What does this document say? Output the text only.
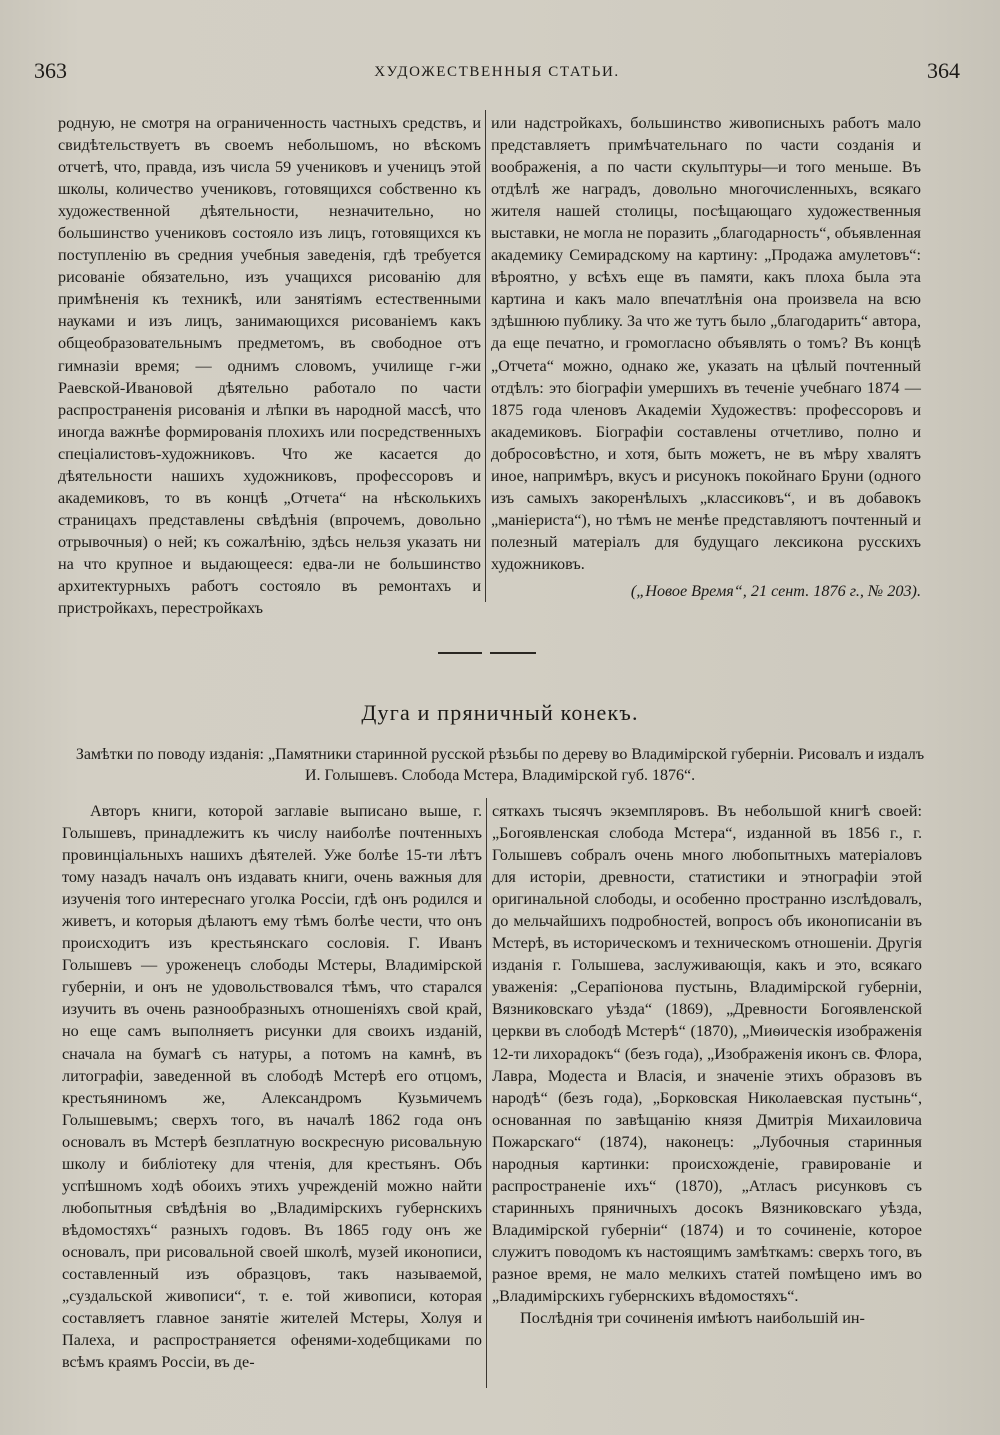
363	ХУДОЖЕСТВЕННЫЯ СТАТЬИ.	364

родную, не смотря на ограниченность частныхъ средствъ, и свидѣтельствуетъ въ своемъ небольшомъ, но вѣскомъ отчетѣ, что, правда, изъ числа 59 учениковъ и ученицъ этой школы, количество учениковъ, готовящихся собственно къ художественной дѣятельности, незначительно, но большинство учениковъ состояло изъ лицъ, готовящихся къ поступленію въ средния учебныя заведенія, гдѣ требуется рисованіе обязательно, изъ учащихся рисованію для примѣненія къ техникѣ, или занятіямъ естественными науками и изъ лицъ, занимающихся рисованіемъ какъ общеобразовательнымъ предметомъ, въ свободное отъ гимназіи время; — однимъ словомъ, училище г-жи Раевской-Ивановой дѣятельно работало по части распространенія рисованія и лѣпки въ народной массѣ, что иногда важнѣе формированія плохихъ или посредственныхъ спеціалистовъ-художниковъ. Что же касается до дѣятельности нашихъ художниковъ, профессоровъ и академиковъ, то въ концѣ „Отчета“ на нѣсколькихъ страницахъ представлены свѣдѣнія (впрочемъ, довольно отрывочныя) о ней; къ сожалѣнію, здѣсь нельзя указать ни на что крупное и выдающееся: едва-ли не большинство архитектурныхъ работъ состояло въ ремонтахъ и пристройкахъ, перестройкахъ

или надстройкахъ, большинство живописныхъ работъ мало представляетъ примѣчательнаго по части созданія и воображенія, а по части скульптуры—и того меньше. Въ отдѣлѣ же наградъ, довольно многочисленныхъ, всякаго жителя нашей столицы, посѣщающаго художественныя выставки, не могла не поразить „благодарность“, объявленная академику Семирадскому на картину: „Продажа амулетовъ“: вѣроятно, у всѣхъ еще въ памяти, какъ плоха была эта картина и какъ мало впечатлѣнія она произвела на всю здѣшнюю публику. За что же тутъ было „благодарить“ автора, да еще печатно, и громогласно объявлять о томъ? Въ концѣ „Отчета“ можно, однако же, указать на цѣлый почтенный отдѣлъ: это біографіи умершихъ въ теченіе учебнаго 1874 — 1875 года членовъ Академіи Художествъ: профессоровъ и академиковъ. Біографіи составлены отчетливо, полно и добросовѣстно, и хотя, быть можетъ, не въ мѣру хвалятъ иное, напримѣръ, вкусъ и рисунокъ покойнаго Бруни (одного изъ самыхъ закоренѣлыхъ „классиковъ“, и въ добавокъ „маніериста“), но тѣмъ не менѣе представляютъ почтенный и полезный матеріалъ для будущаго лексикона русскихъ художниковъ.

(„Новое Время“, 21 сент. 1876 г., № 203).
Дуга и пряничный конекъ.
Замѣтки по поводу изданія: „Памятники старинной русской рѣзьбы по дереву во Владимірской губерніи. Рисовалъ и издалъ И. Голышевъ. Слобода Мстера, Владимірской губ. 1876“.

Авторъ книги, которой заглавіе выписано выше, г. Голышевъ, принадлежитъ къ числу наиболѣе почтенныхъ провинціальныхъ нашихъ дѣятелей. Уже болѣе 15-ти лѣтъ тому назадъ началъ онъ издавать книги, очень важныя для изученія того интереснаго уголка Россіи, гдѣ онъ родился и живетъ, и которыя дѣлаютъ ему тѣмъ болѣе чести, что онъ происходитъ изъ крестьянскаго сословія. Г. Иванъ Голышевъ — уроженецъ слободы Мстеры, Владимірской губерніи, и онъ не удовольствовался тѣмъ, что старался изучить въ очень разнообразныхъ отношеніяхъ свой край, но еще самъ выполняетъ рисунки для своихъ изданій, сначала на бумагѣ съ натуры, а потомъ на камнѣ, въ литографіи, заведенной въ слободѣ Мстерѣ его отцомъ, крестьяниномъ же, Александромъ Кузьмичемъ Голышевымъ; сверхъ того, въ началѣ 1862 года онъ основалъ въ Мстерѣ безплатную воскресную рисовальную школу и библіотеку для чтенія, для крестьянъ. Объ успѣшномъ ходѣ обоихъ этихъ учрежденій можно найти любопытныя свѣдѣнія во „Владимірскихъ губернскихъ вѣдомостяхъ“ разныхъ годовъ. Въ 1865 году онъ же основалъ, при рисовальной своей школѣ, музей иконописи, составленный изъ образцовъ, такъ называемой, „суздальской живописи“, т. е. той живописи, которая составляетъ главное занятіе жителей Мстеры, Холуя и Палеха, и распространяется офенями-ходебщиками по всѣмъ краямъ Россіи, въ де-

сяткахъ тысячъ экземпляровъ. Въ небольшой книгѣ своей: „Богоявленская слобода Мстера“, изданной въ 1856 г., г. Голышевъ собралъ очень много любопытныхъ матеріаловъ для исторіи, древности, статистики и этнографіи этой оригинальной слободы, и особенно пространно изслѣдовалъ, до мельчайшихъ подробностей, вопросъ объ иконописаніи въ Мстерѣ, въ историческомъ и техническомъ отношеніи. Другія изданія г. Голышева, заслуживающія, какъ и это, всякаго уваженія: „Серапіонова пустынь, Владимірской губерніи, Вязниковскаго уѣзда“ (1869), „Древности Богоявленской церкви въ слободѣ Мстерѣ“ (1870), „Миѳическія изображенія 12-ти лихорадокъ“ (безъ года), „Изображенія иконъ св. Флора, Лавра, Модеста и Власія, и значеніе этихъ образовъ въ народѣ“ (безъ года), „Борковская Николаевская пустынь“, основанная по завѣщанію князя Дмитрія Михаиловича Пожарскаго“ (1874), наконецъ: „Лубочныя старинныя народныя картинки: происхожденіе, гравированіе и распространеніе ихъ“ (1870), „Атласъ рисунковъ съ старинныхъ пряничныхъ досокъ Вязниковскаго уѣзда, Владимірской губерніи“ (1874) и то сочиненіе, которое служитъ поводомъ къ настоящимъ замѣткамъ: сверхъ того, въ разное время, не мало мелкихъ статей помѣщено имъ во „Владимірскихъ губернскихъ вѣдомостяхъ“.

Послѣднія три сочиненія имѣютъ наибольшій ин-
